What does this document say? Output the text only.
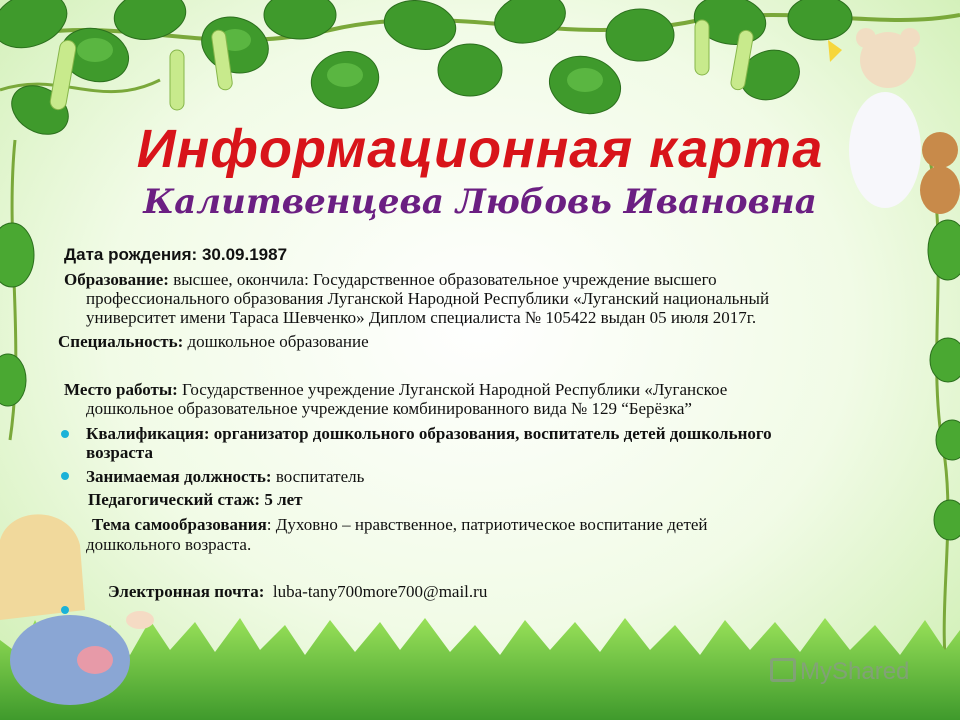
Информационная карта
Калитвенцева Любовь Ивановна
Дата рождения: 30.09.1987
Образование: высшее, окончила: Государственное образовательное учреждение высшего
профессионального образования Луганской Народной Республики «Луганский национальный
университет имени Тараса Шевченко» Диплом специалиста № 105422 выдан 05 июля 2017г.
Специальность: дошкольное образование
Место работы: Государственное учреждение Луганской Народной Республики «Луганское
дошкольное образовательное учреждение комбинированного вида № 129 “Берёзка”
Квалификация: организатор дошкольного образования, воспитатель детей дошкольного
возраста
Занимаемая должность: воспитатель
Педагогический стаж: 5 лет
Тема самообразования: Духовно – нравственное, патриотическое воспитание детей
дошкольного возраста.
Электронная почта: luba-tany700more700@mail.ru
MyShared
